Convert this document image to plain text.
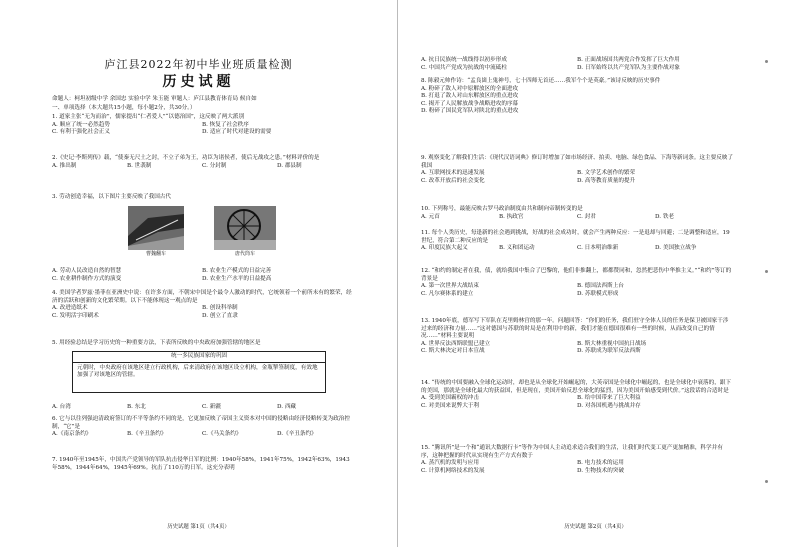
庐江县2022年初中毕业班质量检测
历史试题
命题人：柯坦初级中学 余国忠 实验中学 朱玉能 审题人：庐江县教育体育局 候自如
一、单项选择（本大题共15小题，每小题2分，共30分。）
1. 道家主张“无为而治”，儒家提出“仁者爱人”“以德治国”，这反映了两大派别
A. 顺应了统一必然趋势	B. 恢复了社会秩序
C. 有利于强化社会正义	D. 适应了时代对建设的需要
2.《史记·李斯列传》载，“使秦无尺土之封，不立子弟为王，功臣为诸侯者，使后无战攻之患。”材料评价的是
A. 推出制	B. 世袭制	C. 分封制	D. 郡县制
3. 劳动创造幸福，以下图片主要反映了我国古代
曹魏翻车	唐代筒车
A. 劳动人民改造自然的智慧	B. 农业生产模式的日益完善
C. 农业耕作制作方式的演变	D. 农业生产水平的日益提高
4. 美国学者罗兹·墨菲在亚洲史中说：在许多方面，不朝宋中国是个最令人激动的时代，它统领着一个前所未有的繁荣，经济的活跃和创新的文化繁荣期。以下不能体现这一观点的是
A. 改进造纸术	B. 创设科举制
C. 发明活字印刷术	D. 创立了直隶
5. 用经验总结是学习历史的一种重要方法，下表所反映的中央政府加强管辖的地区是
统一多民族国家的巩固
元朝时，中央政府在该地区建立行政机构，后来清政府在该地区设立机构，金瓶掣签制度，有效地加强了对该地区的管辖。
A. 台湾	B. 东北	C. 新疆	D. 西藏
6. 它与以往列强迫清政府签订的不平等条约不同的是，它更加反映了帝国主义资本对中国的侵略由经济侵略转变为政治控制，“它”是
A.《南京条约》	B.《辛丑条约》	C.《马关条约》	D.《辛丑条约》
7. 1940年至1945年，中国共产党领导的军队抗击侵华日军的比例：1940年58%，1941年75%，1942年63%，1943年58%，1944年64%，1945年69%。抗击了110万的日军。这充分表明
历史试题 第1页（共4页）
A. 抗日民族统一战线得以初步形成	B. 正面战场国共两党合作发挥了巨大作用
C. 中国共产党成为抗战的中流砥柱	D. 日军始终以共产党军队为主要作战对象
8. 陈毅元帅作诗：“孟良崮上鬼神号，七十四师无首还……我军个个是英豪。”该诗反映的历史事件
A. 粉碎了敌人对中原解放区的全面进攻
B. 打退了敌人对山东解放区的重点进攻
C. 揭开了人民解放战争战略进攻的序幕
D. 粉碎了国民党军队对陕北的重点进攻
9. 观察变化了解我们生活：《现代汉语词典》修订时增加了如市场经济、拍卖、电脑、绿色食品、下海等新词条。这主要反映了我国
A. 互联网技术的迅速发展	B. 文学艺术创作的繁荣
C. 改革开放后的社会变化	D. 高等教育质量的提升
10. 下列称号，最能反映古罗马政治制度由共和制向帝制转变的是
A. 元首	B. 执政官	C. 封君	D. 铁老
11. 每个人类历史，每逢新的社会遇到挑战，好战的社会成功时，就会产生两种反应：一是退却与回避；二是调整和适应，19世纪，符合第二种反应的是
A. 印度民族大起义	B. 义和团运动	C. 日本明治维新	D. 美国独立战争
12. “和约的制定者在我，债，就给我国中集合了巴黎的，他们非推翻上，都都赞同和，忽然把悲伤中华推主义。”“和约”等订的背景是
A. 第一次世界大战结束	B. 德国法西斯上台
C. 凡尔赛体系的建立	D. 苏联模式形成
13. 1940年底，德军写下军队在克里姆林宫的那一年。问题回答：“你们的任务，我们驻守全体人员的任务是保卫被国家干涉过来的经济和力量……”这对德国与苏联的时局是在利用中的新，我们才能在德国很难有一些的时候，从而改变自己的情况……”材料主要说明
A. 世界反法西斯联盟已建立	B. 斯大林重视中国抗日战场
C. 斯大林决定对日本宣战	D. 苏联成为联军反法西斯
14. “传统的中国要融入全球化运动时，却也是从全球化开始崛起的，大英帝国是全球化中崛起的，也是全球化中衰落的，跟下的美国，那就是全球化最大的获益国，但是现在，美国开始反思全球化的猛烈，因为美国开始感受到代价。”这段话的合适时是
A. 受到美国霸权的冲击	B. 给中国带来了巨大利益
C. 对美国来说弊大于利	D. 对各国机遇与挑战并存
15. “腾讯所”是一个和“通讯大数据行卡”等作为中国人主动追求适合我们的生活，让我们时代变工更产更加精准，科学并有序，这种把握的时代从实现有生产方式有数于
A. 蒸汽机的发明与应用	B. 电力技术的运用
C. 计算机网络技术的发展	D. 生物技术的突破
历史试题 第2页（共4页）
